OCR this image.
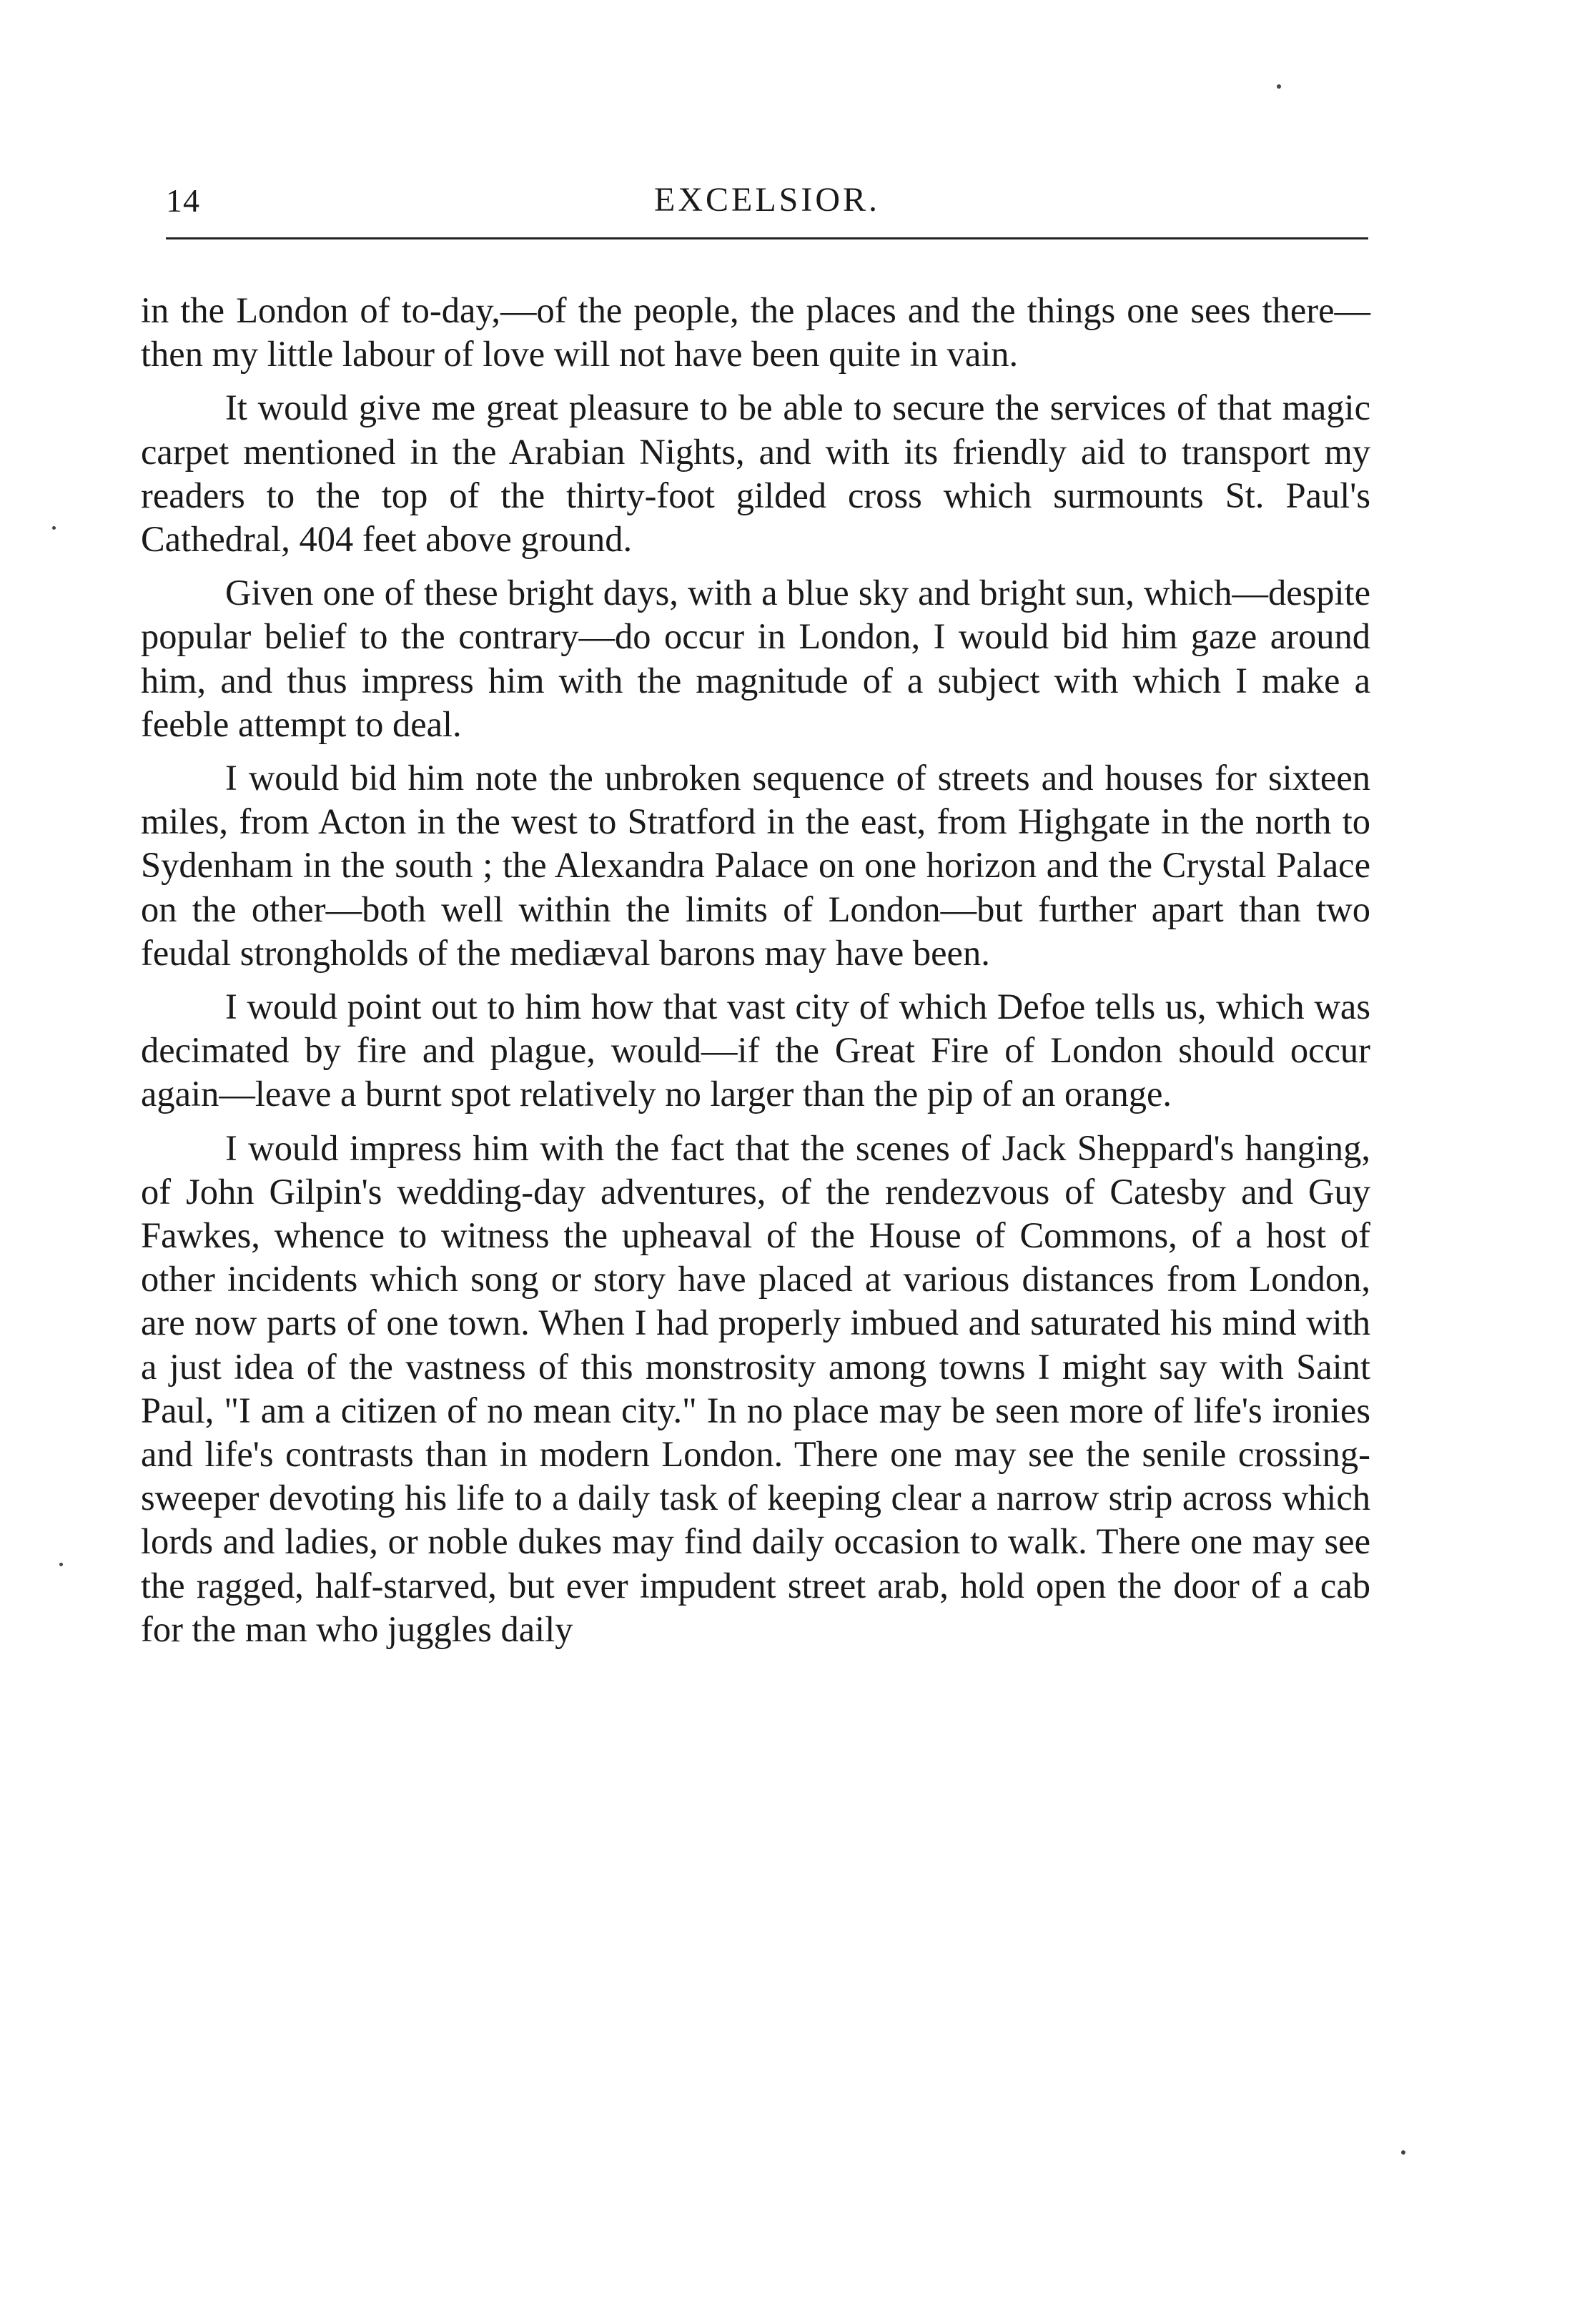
14	EXCELSIOR.

in the London of to-day,—of the people, the places and the things one sees there—then my little labour of love will not have been quite in vain.

It would give me great pleasure to be able to secure the services of that magic carpet mentioned in the Arabian Nights, and with its friendly aid to transport my readers to the top of the thirty-foot gilded cross which surmounts St. Paul's Cathedral, 404 feet above ground.

Given one of these bright days, with a blue sky and bright sun, which—despite popular belief to the contrary—do occur in London, I would bid him gaze around him, and thus impress him with the magnitude of a subject with which I make a feeble attempt to deal.

I would bid him note the unbroken sequence of streets and houses for sixteen miles, from Acton in the west to Stratford in the east, from Highgate in the north to Sydenham in the south ; the Alexandra Palace on one horizon and the Crystal Palace on the other—both well within the limits of London—but further apart than two feudal strongholds of the mediæval barons may have been.

I would point out to him how that vast city of which Defoe tells us, which was decimated by fire and plague, would—if the Great Fire of London should occur again—leave a burnt spot relatively no larger than the pip of an orange.

I would impress him with the fact that the scenes of Jack Sheppard's hanging, of John Gilpin's wedding-day adventures, of the rendezvous of Catesby and Guy Fawkes, whence to witness the upheaval of the House of Commons, of a host of other incidents which song or story have placed at various distances from London, are now parts of one town. When I had properly imbued and saturated his mind with a just idea of the vastness of this monstrosity among towns I might say with Saint Paul, "I am a citizen of no mean city." In no place may be seen more of life's ironies and life's contrasts than in modern London. There one may see the senile crossing-sweeper devoting his life to a daily task of keeping clear a narrow strip across which lords and ladies, or noble dukes may find daily occasion to walk. There one may see the ragged, half-starved, but ever impudent street arab, hold open the door of a cab for the man who juggles daily
